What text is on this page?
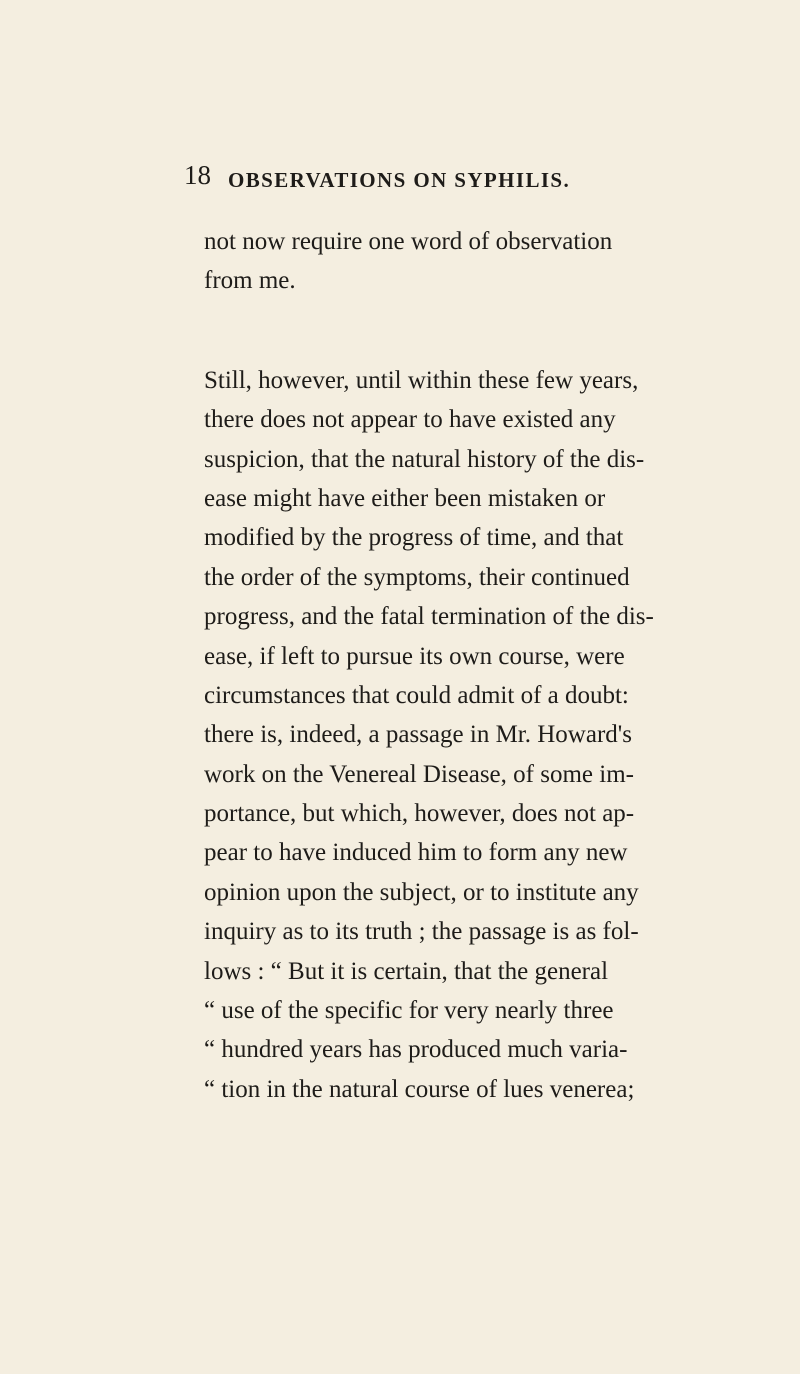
18 OBSERVATIONS ON SYPHILIS.

not now require one word of observation
from me.

Still, however, until within these few years,
there does not appear to have existed any
suspicion, that the natural history of the dis-
ease might have either been mistaken or
modified by the progress of time, and that
the order of the symptoms, their continued
progress, and the fatal termination of the dis-
ease, if left to pursue its own course, were
circumstances that could admit of a doubt:
there is, indeed, a passage in Mr. Howard's
work on the Venereal Disease, of some im-
portance, but which, however, does not ap-
pear to have induced him to form any new
opinion upon the subject, or to institute any
inquiry as to its truth ; the passage is as fol-
lows : “ But it is certain, that the general
“ use of the specific for very nearly three
“ hundred years has produced much varia-
“ tion in the natural course of lues venerea;
